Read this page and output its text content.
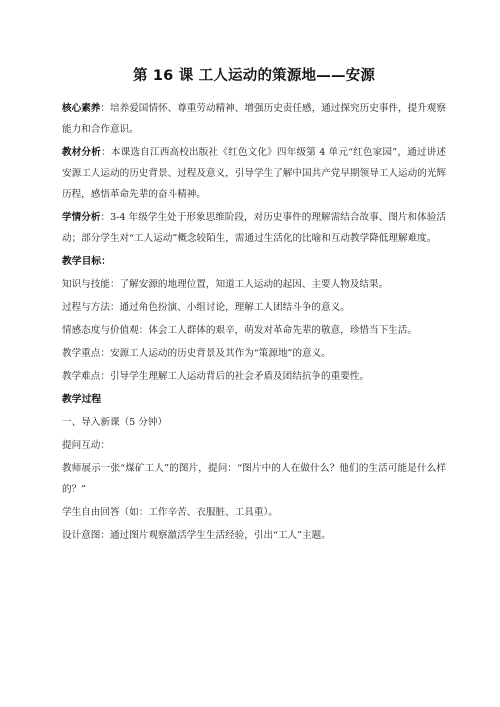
第 16 课 工人运动的策源地——安源

核心素养：培养爱国情怀、尊重劳动精神、增强历史责任感，通过探究历史事件，提升观察能力和合作意识。

教材分析：本课选自江西高校出版社《红色文化》四年级第 4 单元“红色家园”，通过讲述安源工人运动的历史背景、过程及意义，引导学生了解中国共产党早期领导工人运动的光辉历程，感悟革命先辈的奋斗精神。

学情分析：3-4 年级学生处于形象思维阶段，对历史事件的理解需结合故事、图片和体验活动；部分学生对“工人运动”概念较陌生，需通过生活化的比喻和互动教学降低理解难度。

教学目标：

知识与技能：了解安源的地理位置，知道工人运动的起因、主要人物及结果。

过程与方法：通过角色扮演、小组讨论，理解工人团结斗争的意义。

情感态度与价值观：体会工人群体的艰辛，萌发对革命先辈的敬意，珍惜当下生活。

教学重点：安源工人运动的历史背景及其作为“策源地”的意义。

教学难点：引导学生理解工人运动背后的社会矛盾及团结抗争的重要性。

教学过程

一、导入新课（5 分钟）

提问互动：

教师展示一张“煤矿工人”的图片，提问：“图片中的人在做什么？他们的生活可能是什么样的？”

学生自由回答（如：工作辛苦、衣服脏、工具重）。

设计意图：通过图片观察激活学生生活经验，引出“工人”主题。
